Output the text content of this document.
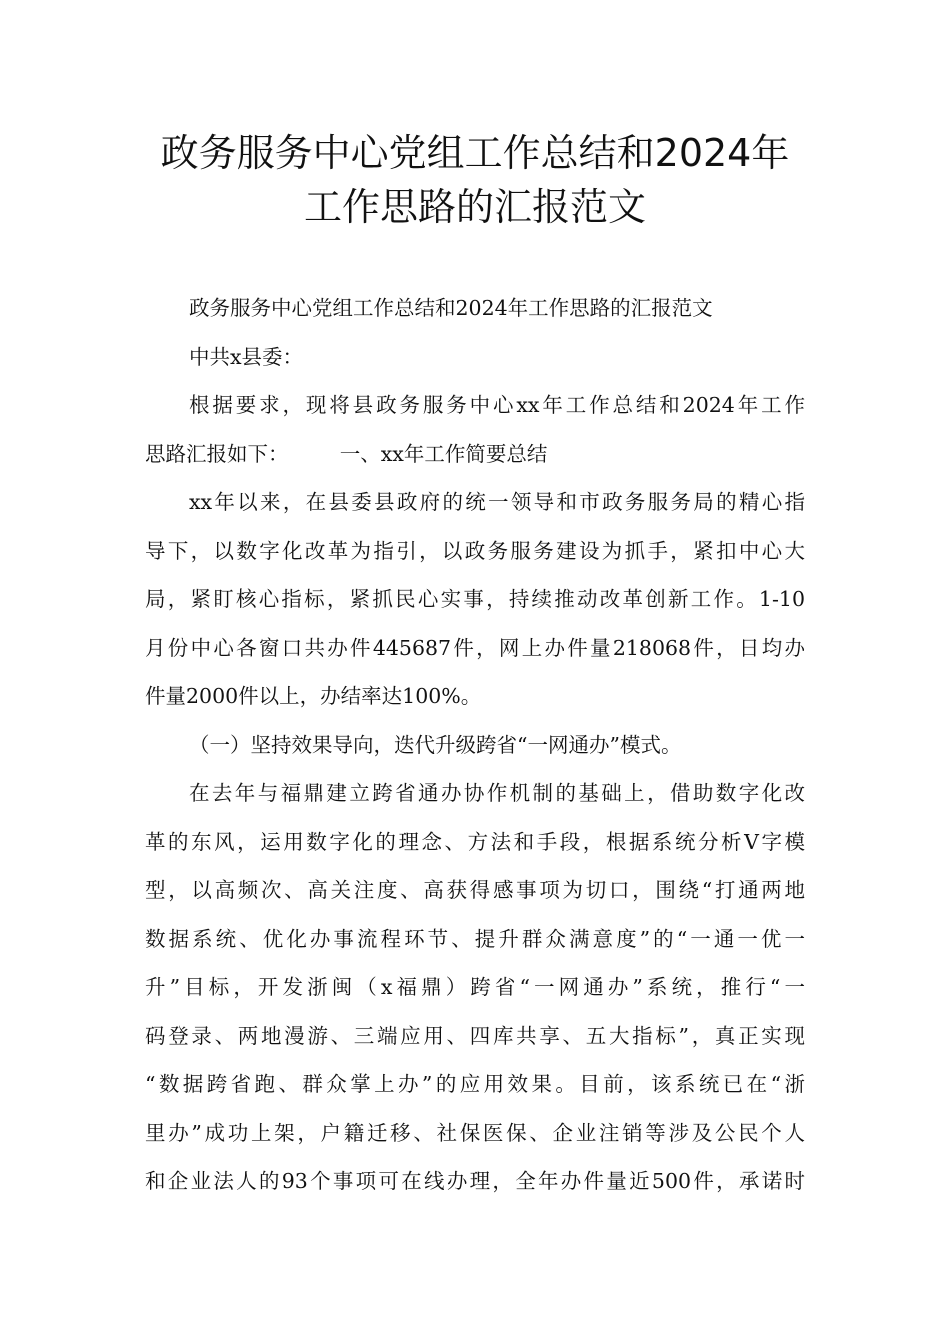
政务服务中心党组工作总结和2024年
工作思路的汇报范文
政务服务中心党组工作总结和2024年工作思路的汇报范文
中共x县委：
根据要求，现将县政务服务中心xx年工作总结和2024年工作
思路汇报如下：　　　一、xx年工作简要总结
xx年以来，在县委县政府的统一领导和市政务服务局的精心指
导下，以数字化改革为指引，以政务服务建设为抓手，紧扣中心大
局，紧盯核心指标，紧抓民心实事，持续推动改革创新工作。1-10
月份中心各窗口共办件445687件，网上办件量218068件，日均办
件量2000件以上，办结率达100%。
（一）坚持效果导向，迭代升级跨省“一网通办”模式。
在去年与福鼎建立跨省通办协作机制的基础上，借助数字化改
革的东风，运用数字化的理念、方法和手段，根据系统分析V字模
型，以高频次、高关注度、高获得感事项为切口，围绕“打通两地
数据系统、优化办事流程环节、提升群众满意度”的“一通一优一
升”目标，开发浙闽（x福鼎）跨省“一网通办”系统，推行“一
码登录、两地漫游、三端应用、四库共享、五大指标”，真正实现
“数据跨省跑、群众掌上办”的应用效果。目前，该系统已在“浙
里办”成功上架，户籍迁移、社保医保、企业注销等涉及公民个人
和企业法人的93个事项可在线办理，全年办件量近500件，承诺时
